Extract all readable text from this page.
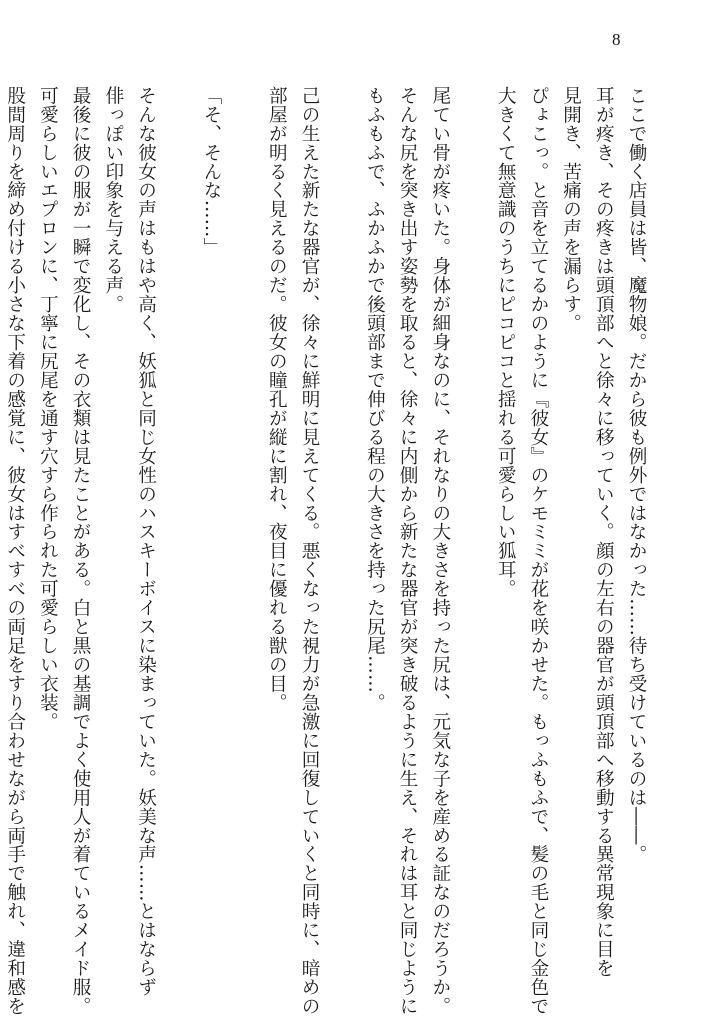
8

ここで働く店員は皆、魔物娘。だから彼も例外ではなかった……待ち受けているのは――。

耳が疼き、その疼きは頭頂部へと徐々に移っていく。顔の左右の器官が頭頂部へ移動する異常現象に目を

見開き、苦痛の声を漏らす。

ぴょこっ。と音を立てるかのように『彼女』のケモミミが花を咲かせた。もっふもふで、髪の毛と同じ金色で

大きくて無意識のうちにピコピコと揺れる可愛らしい狐耳。

尾てい骨が疼いた。身体が細身なのに、それなりの大きさを持った尻は、元気な子を産める証なのだろうか。

そんな尻を突き出す姿勢を取ると、徐々に内側から新たな器官が突き破るように生え、それは耳と同じように

もふもふで、ふかふかで後頭部まで伸びる程の大きさを持った尻尾……。

己の生えた新たな器官が、徐々に鮮明に見えてくる。悪くなった視力が急激に回復していくと同時に、暗めの

部屋が明るく見えるのだ。彼女の瞳孔が縦に割れ、夜目に優れる獣の目。

「そ、そんな……」

そんな彼女の声はもはや高く、妖狐と同じ女性のハスキーボイスに染まっていた。妖美な声……とはならず

俳っぽい印象を与える声。

最後に彼の服が一瞬で変化し、その衣類は見たことがある。白と黒の基調でよく使用人が着ているメイド服。

可愛らしいエプロンに、丁寧に尻尾を通す穴すら作られた可愛らしい衣装。

股間周りを締め付ける小さな下着の感覚に、彼女はすべすべの両足をすり合わせながら両手で触れ、違和感を
